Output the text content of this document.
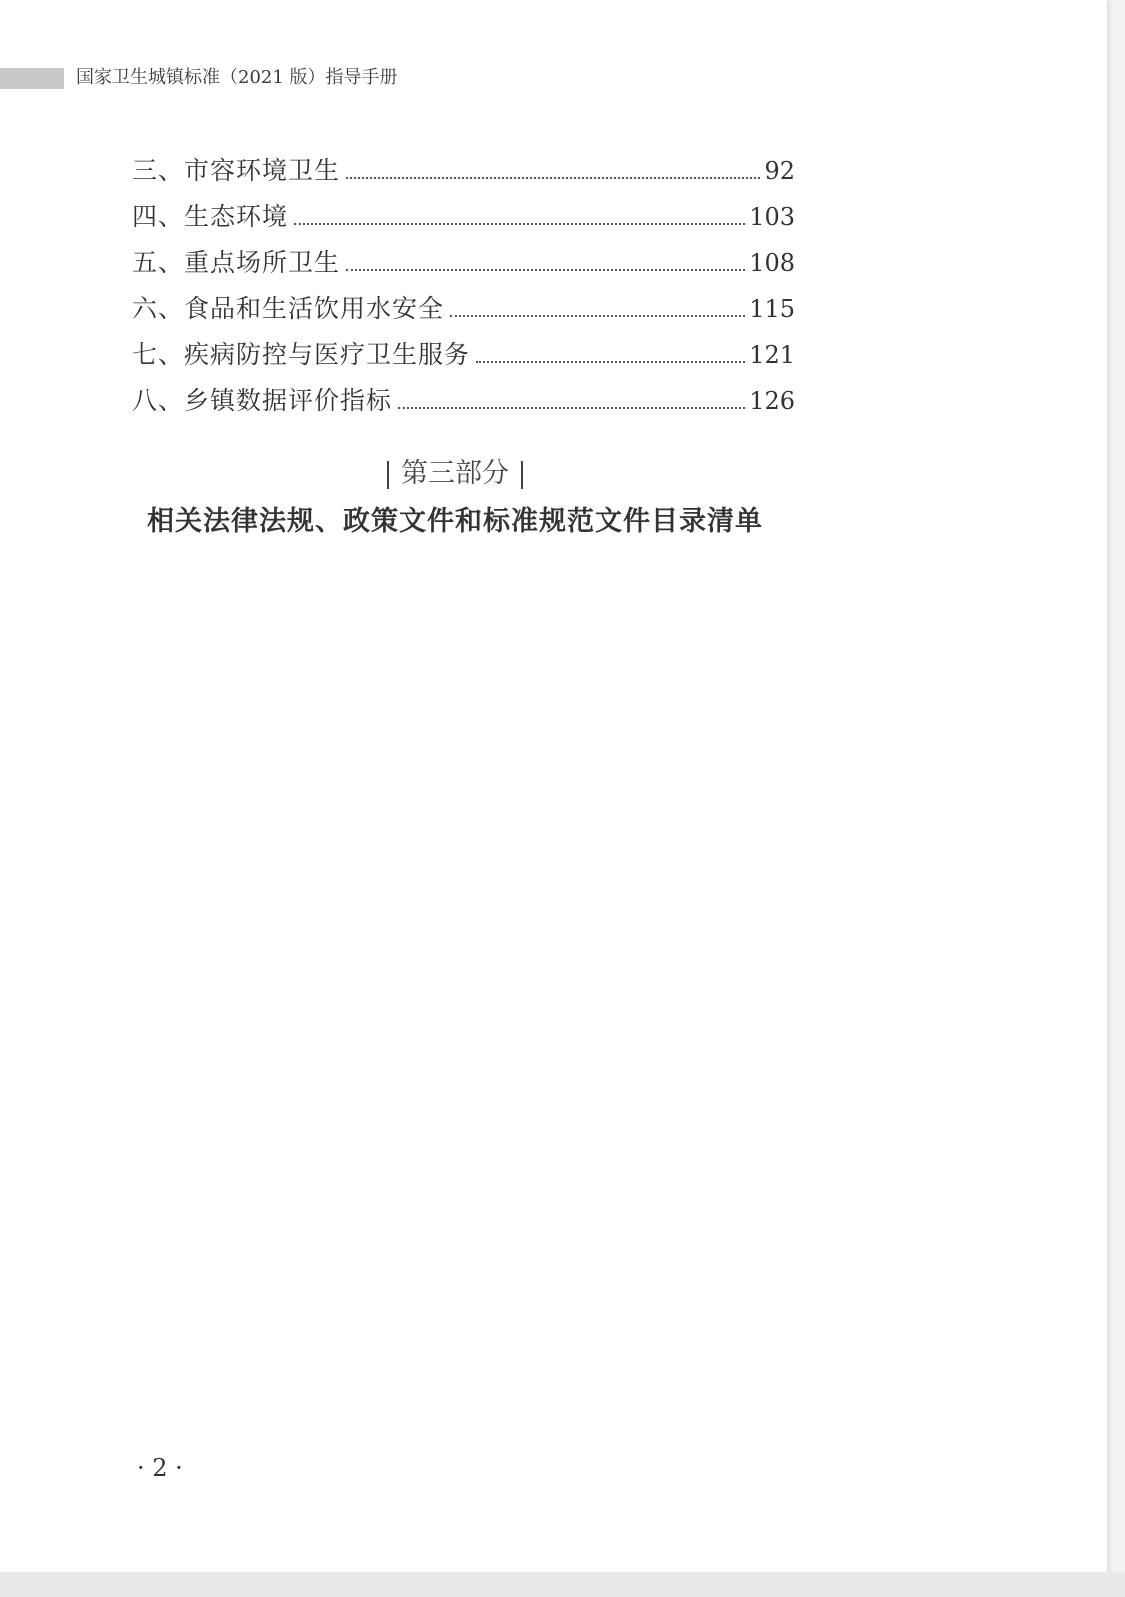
国家卫生城镇标准（2021 版）指导手册
三、市容环境卫生	92
四、生态环境	103
五、重点场所卫生	108
六、食品和生活饮用水安全	115
七、疾病防控与医疗卫生服务	121
八、乡镇数据评价指标	126
第三部分
相关法律法规、政策文件和标准规范文件目录清单
· 2 ·
